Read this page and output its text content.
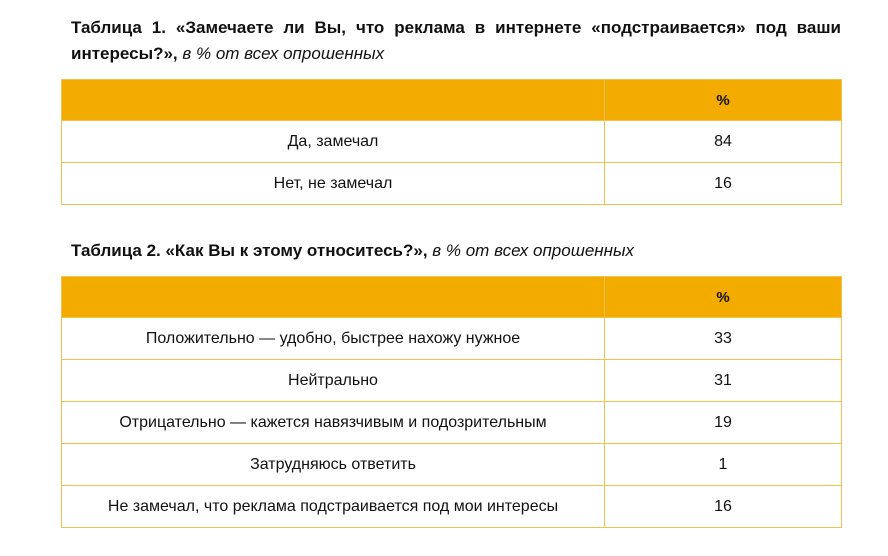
Таблица 1. «Замечаете ли Вы, что реклама в интернете «подстраивается» под ваши интересы?», в % от всех опрошенных
	%
Да, замечал	84
Нет, не замечал	16
Таблица 2. «Как Вы к этому относитесь?», в % от всех опрошенных
	%
Положительно — удобно, быстрее нахожу нужное	33
Нейтрально	31
Отрицательно — кажется навязчивым и подозрительным	19
Затрудняюсь ответить	1
Не замечал, что реклама подстраивается под мои интересы	16
